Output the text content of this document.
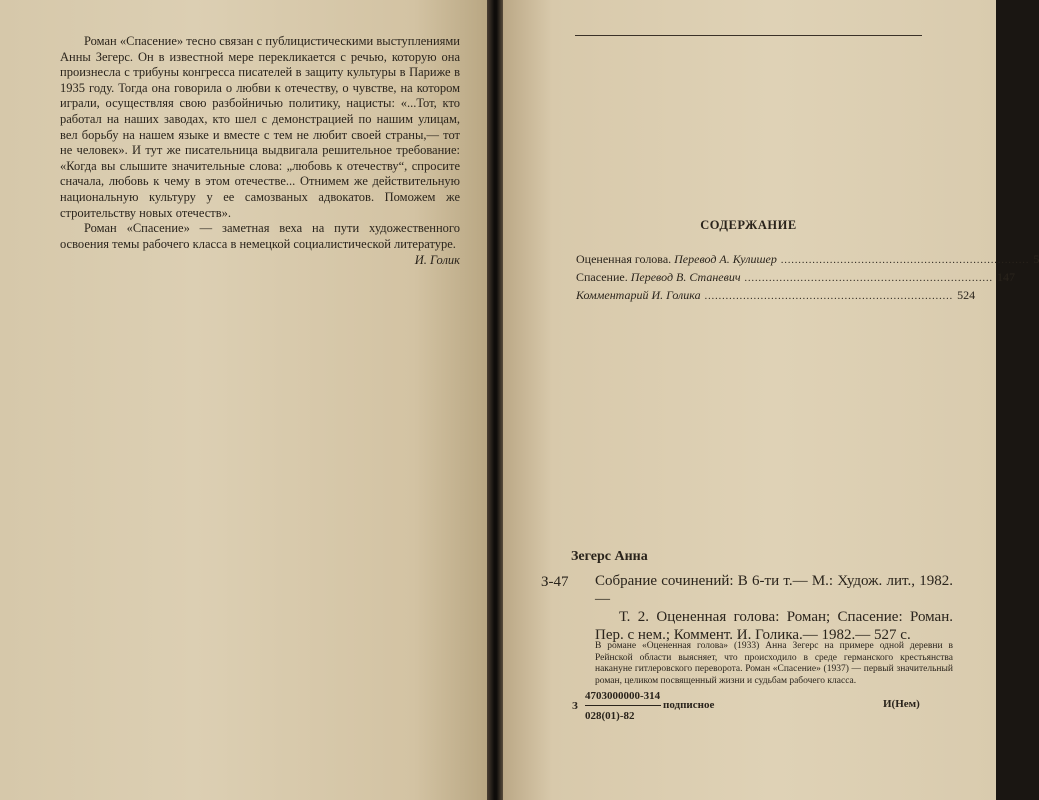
Роман «Спасение» тесно связан с публицистическими выступлениями Анны Зегерс. Он в известной мере перекликается с речью, которую она произнесла с трибуны конгресса писателей в защиту культуры в Париже в 1935 году. Тогда она говорила о любви к отечеству, о чувстве, на котором играли, осуществляя свою разбойничью политику, нацисты: «...Тот, кто работал на наших заводах, кто шел с демонстрацией по нашим улицам, вел борьбу на нашем языке и вместе с тем не любит своей страны,— тот не человек». И тут же писательница выдвигала решительное требование: «Когда вы слышите значительные слова: „любовь к отечеству“, спросите сначала, любовь к чему в этом отечестве... Отнимем же действительную национальную культуру у ее самозваных адвокатов. Поможем же строительству новых отечеств».

Роман «Спасение» — заметная веха на пути художественного освоения темы рабочего класса в немецкой социалистической литературе.

И. Голик
СОДЕРЖАНИЕ
Оцененная голова. Перевод А. Кулишер ....................................................................... 5
Спасение. Перевод В. Станевич ....................................................................... 147
Комментарий И. Голика ....................................................................... 524
Зегерс Анна
З-47 Собрание сочинений: В 6-ти т.— М.: Худож. лит., 1982.—
Т. 2. Оцененная голова: Роман; Спасение: Роман. Пер. с нем.; Коммент. И. Голика.— 1982.— 527 с.
В романе «Оцененная голова» (1933) Анна Зегерс на примере одной деревни в Рейнской области выясняет, что происходило в среде германского крестьянства накануне гитлеровского переворота. Роман «Спасение» (1937) — первый значительный роман, целиком посвященный жизни и судьбам рабочего класса.
З
4703000000-314
028(01)-82
подписное	И(Нем)
